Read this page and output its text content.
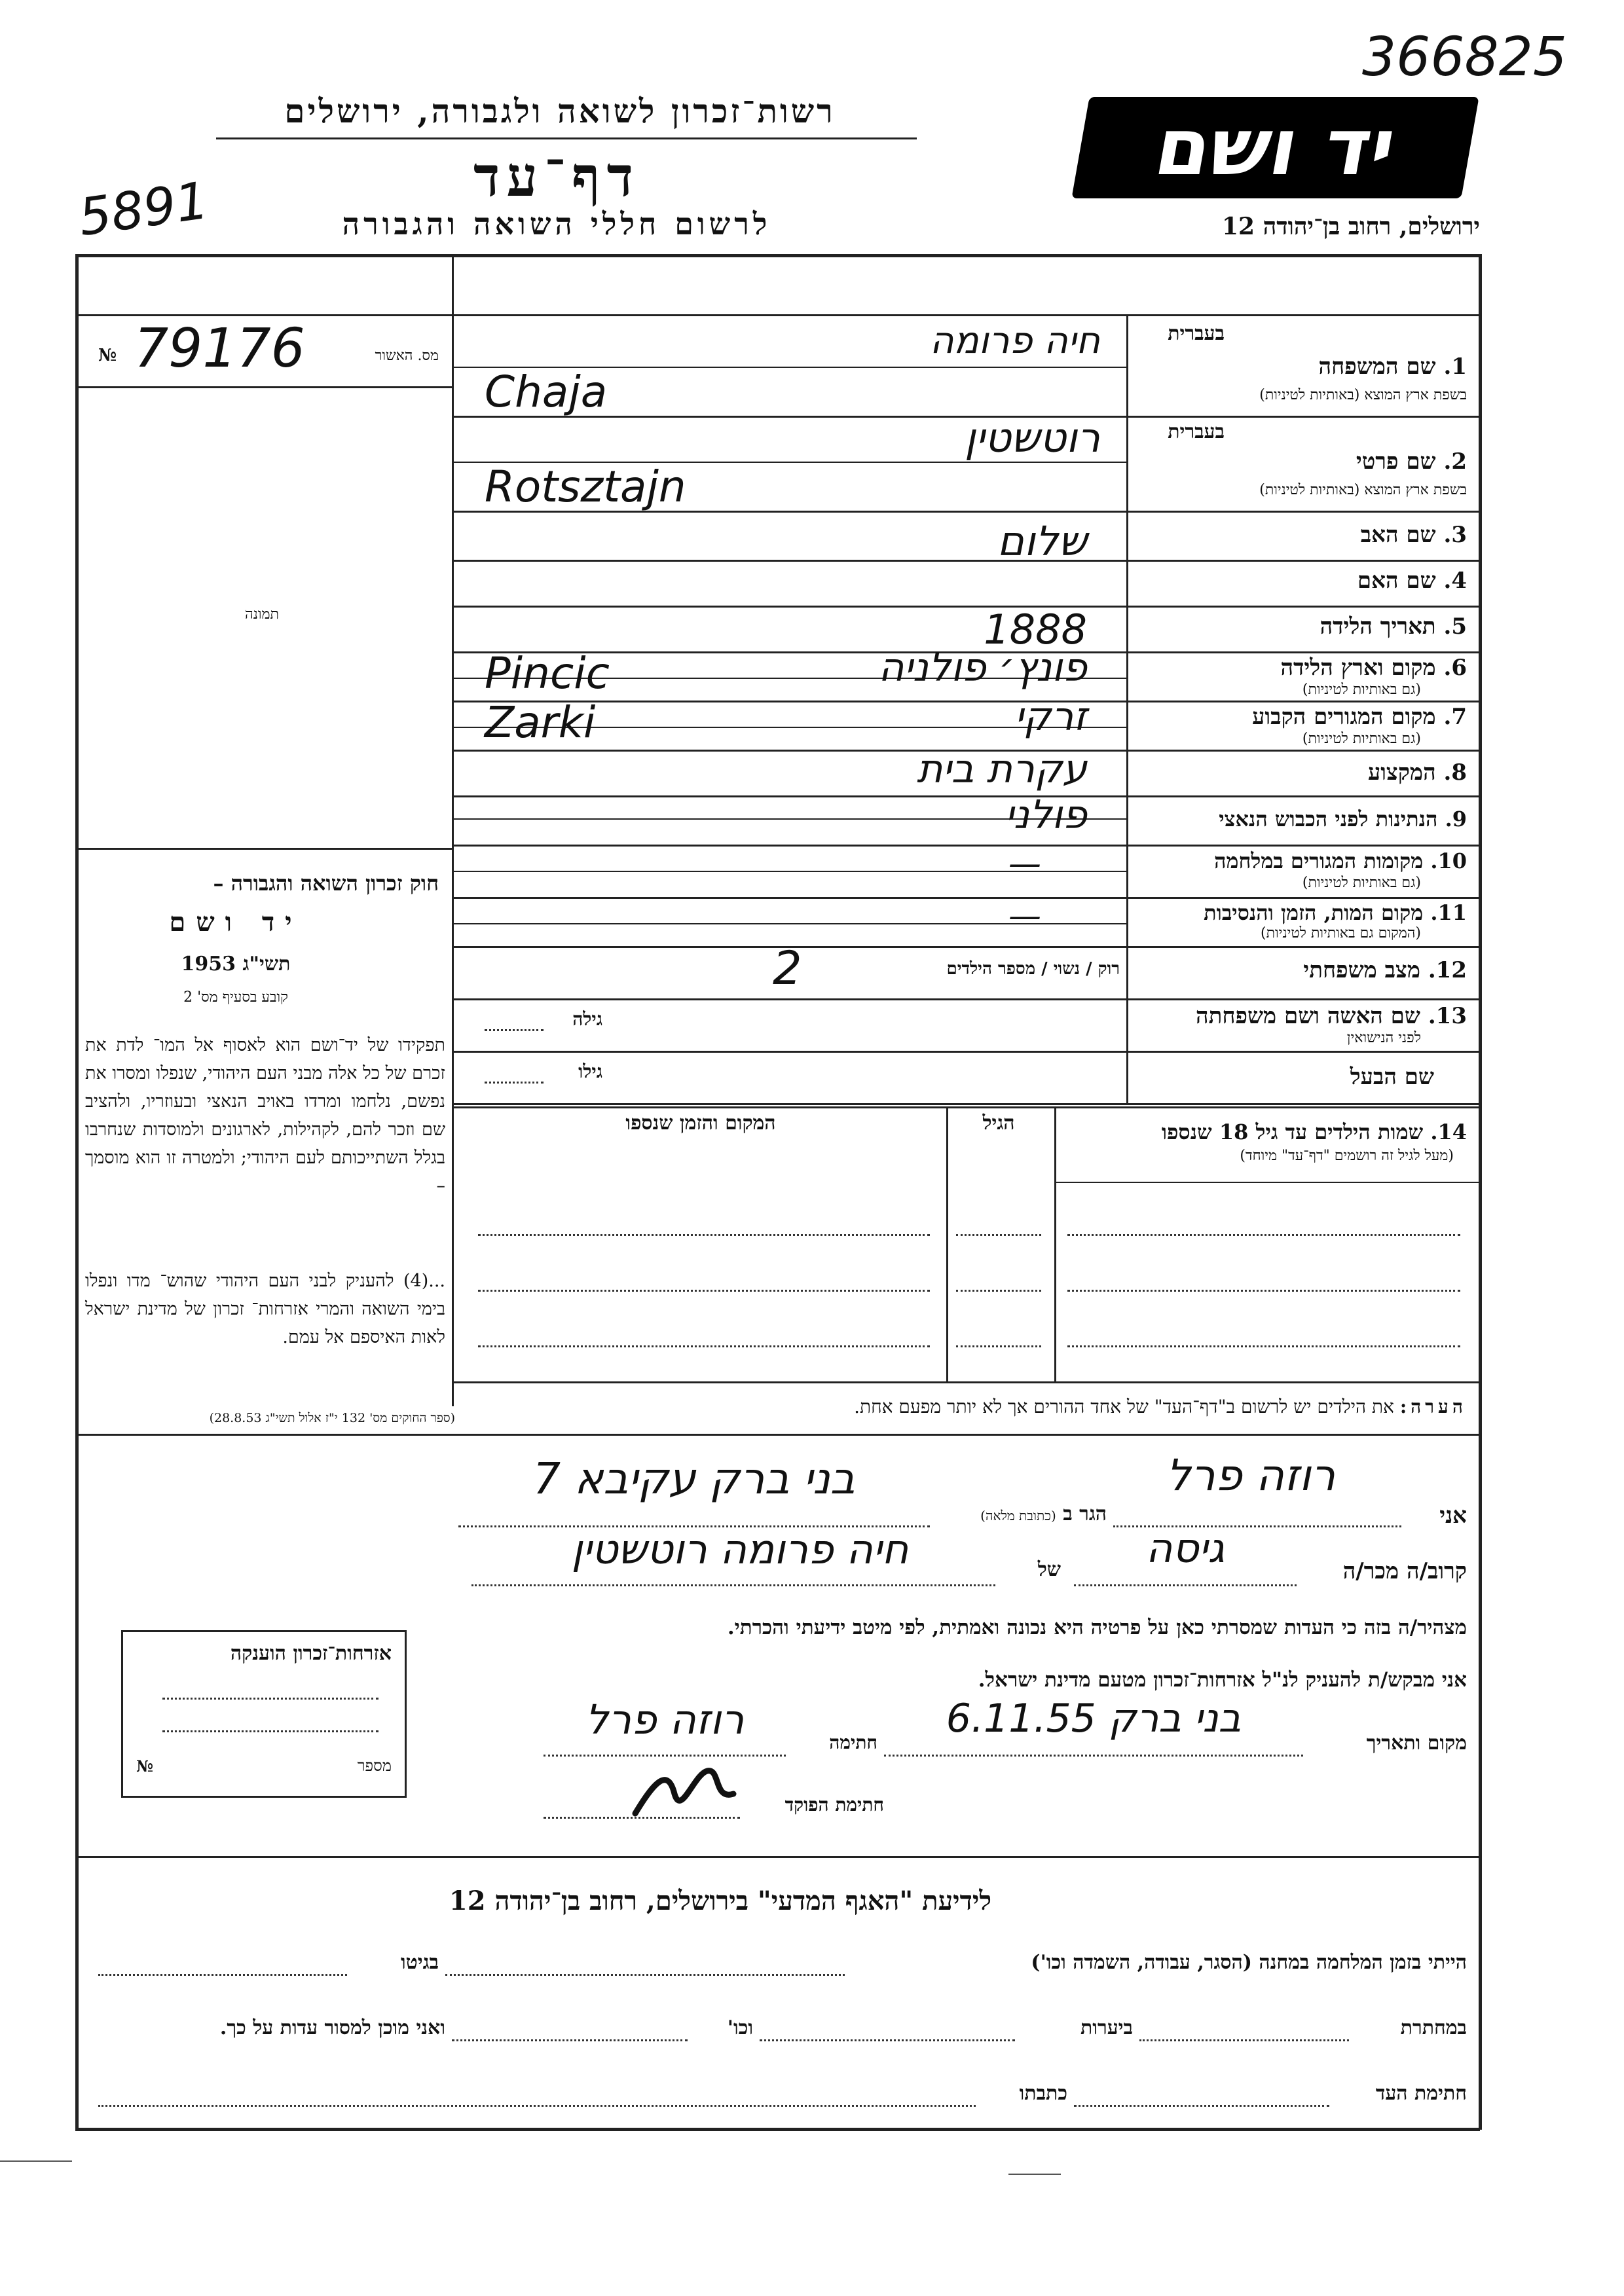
366825
5891
רשות־זכרון לשואה ולגבורה, ירושלים
דף־עד
לרשום חללי השואה והגבורה
יד ושם
ירושלים, רחוב בן־יהודה 12
№ 79176	מס. האשור
תמונה
חוק זכרון השואה והגבורה –
יד ושם
תשי"ג 1953
קובע בסעיף מס' 2
תפקידו של יד־ושם הוא לאסוף אל המו־ לדת את זכרם של כל אלה מבני העם היהודי, שנפלו ומסרו את נפשם, נלחמו ומרדו באויב הנאצי ובעוזריו, ולהציב שם וזכר להם, לקהילות, לארגונים ולמוסדות שנחרבו בגלל השתייכותם לעם היהודי; ולמטרה זו הוא מוסמך –
...(4) להעניק לבני העם היהודי שהוש־ מדו ונפלו בימי השואה והמרי אזרחות־ זכרון של מדינת ישראל לאות האיספם אל עמם.
(ספר החוקים מס' 132 י"ז אלול תשי"ג 28.8.53)
אזרחות־זכרון הוענקה
№	מספר
בעברית
1. שם המשפחה
בשפת ארץ המוצא (באותיות לטיניות)
בעברית
2. שם פרטי
בשפת ארץ המוצא (באותיות לטיניות)
3. שם האב
4. שם האם
5. תאריך הלידה
6. מקום וארץ הלידה
(גם באותיות לטיניות)
7. מקום המגורים הקבוע
(גם באותיות לטיניות)
8. המקצוע
9. הנתינות לפני הכבוש הנאצי
10. מקומות המגורים במלחמה
(גם באותיות לטיניות)
11. מקום המות, הזמן והנסיבות
(המקום גם באותיות לטיניות)
12. מצב משפחתי
13. שם האשה ושם משפחתה
לפני הנישואין
שם הבעל
חיה פרומה
Chaja
רוטשטין
Rotsztajn
שלום
1888
פונץ׳ פולניה
Pincic
זרקי
Zarki
עקרת בית
פולני
—
—
רוק / נשוי / מספר הילדים
2
גילה
גילו
14. שמות הילדים עד גיל 18 שנספו
(מעל לגיל זה רושמים "דף־עד" מיוחד)
הגיל
המקום והזמן שנספו
הערה: את הילדים יש לרשום ב"דף־העד" של אחד ההורים אך לא יותר מפעם אחת.
אני
רוזה פרל
הגר ב (כתובת מלאה)
בני ברק עקיבא 7
קרוב/ה מכר/ה
גיסה
של
חיה פרומה רוטשטין
מצהיר/ה בזה כי העדות שמסרתי כאן על פרטיה היא נכונה ואמתית, לפי מיטב ידיעתי והכרתי.
אני מבקש/ת להעניק לנ"ל אזרחות־זכרון מטעם מדינת ישראל.
מקום ותאריך
בני ברק 6.11.55
חתימה
רוזה פרל
חתימת הפוקד
לידיעת "האגף המדעי" בירושלים, רחוב בן־יהודה 12
הייתי בזמן המלחמה במחנה (הסגר, עבודה, השמדה וכו')
בגיטו
במחתרת
ביערות
וכו'
ואני מוכן למסור עדות על כך.
חתימת העד
כתבתו
